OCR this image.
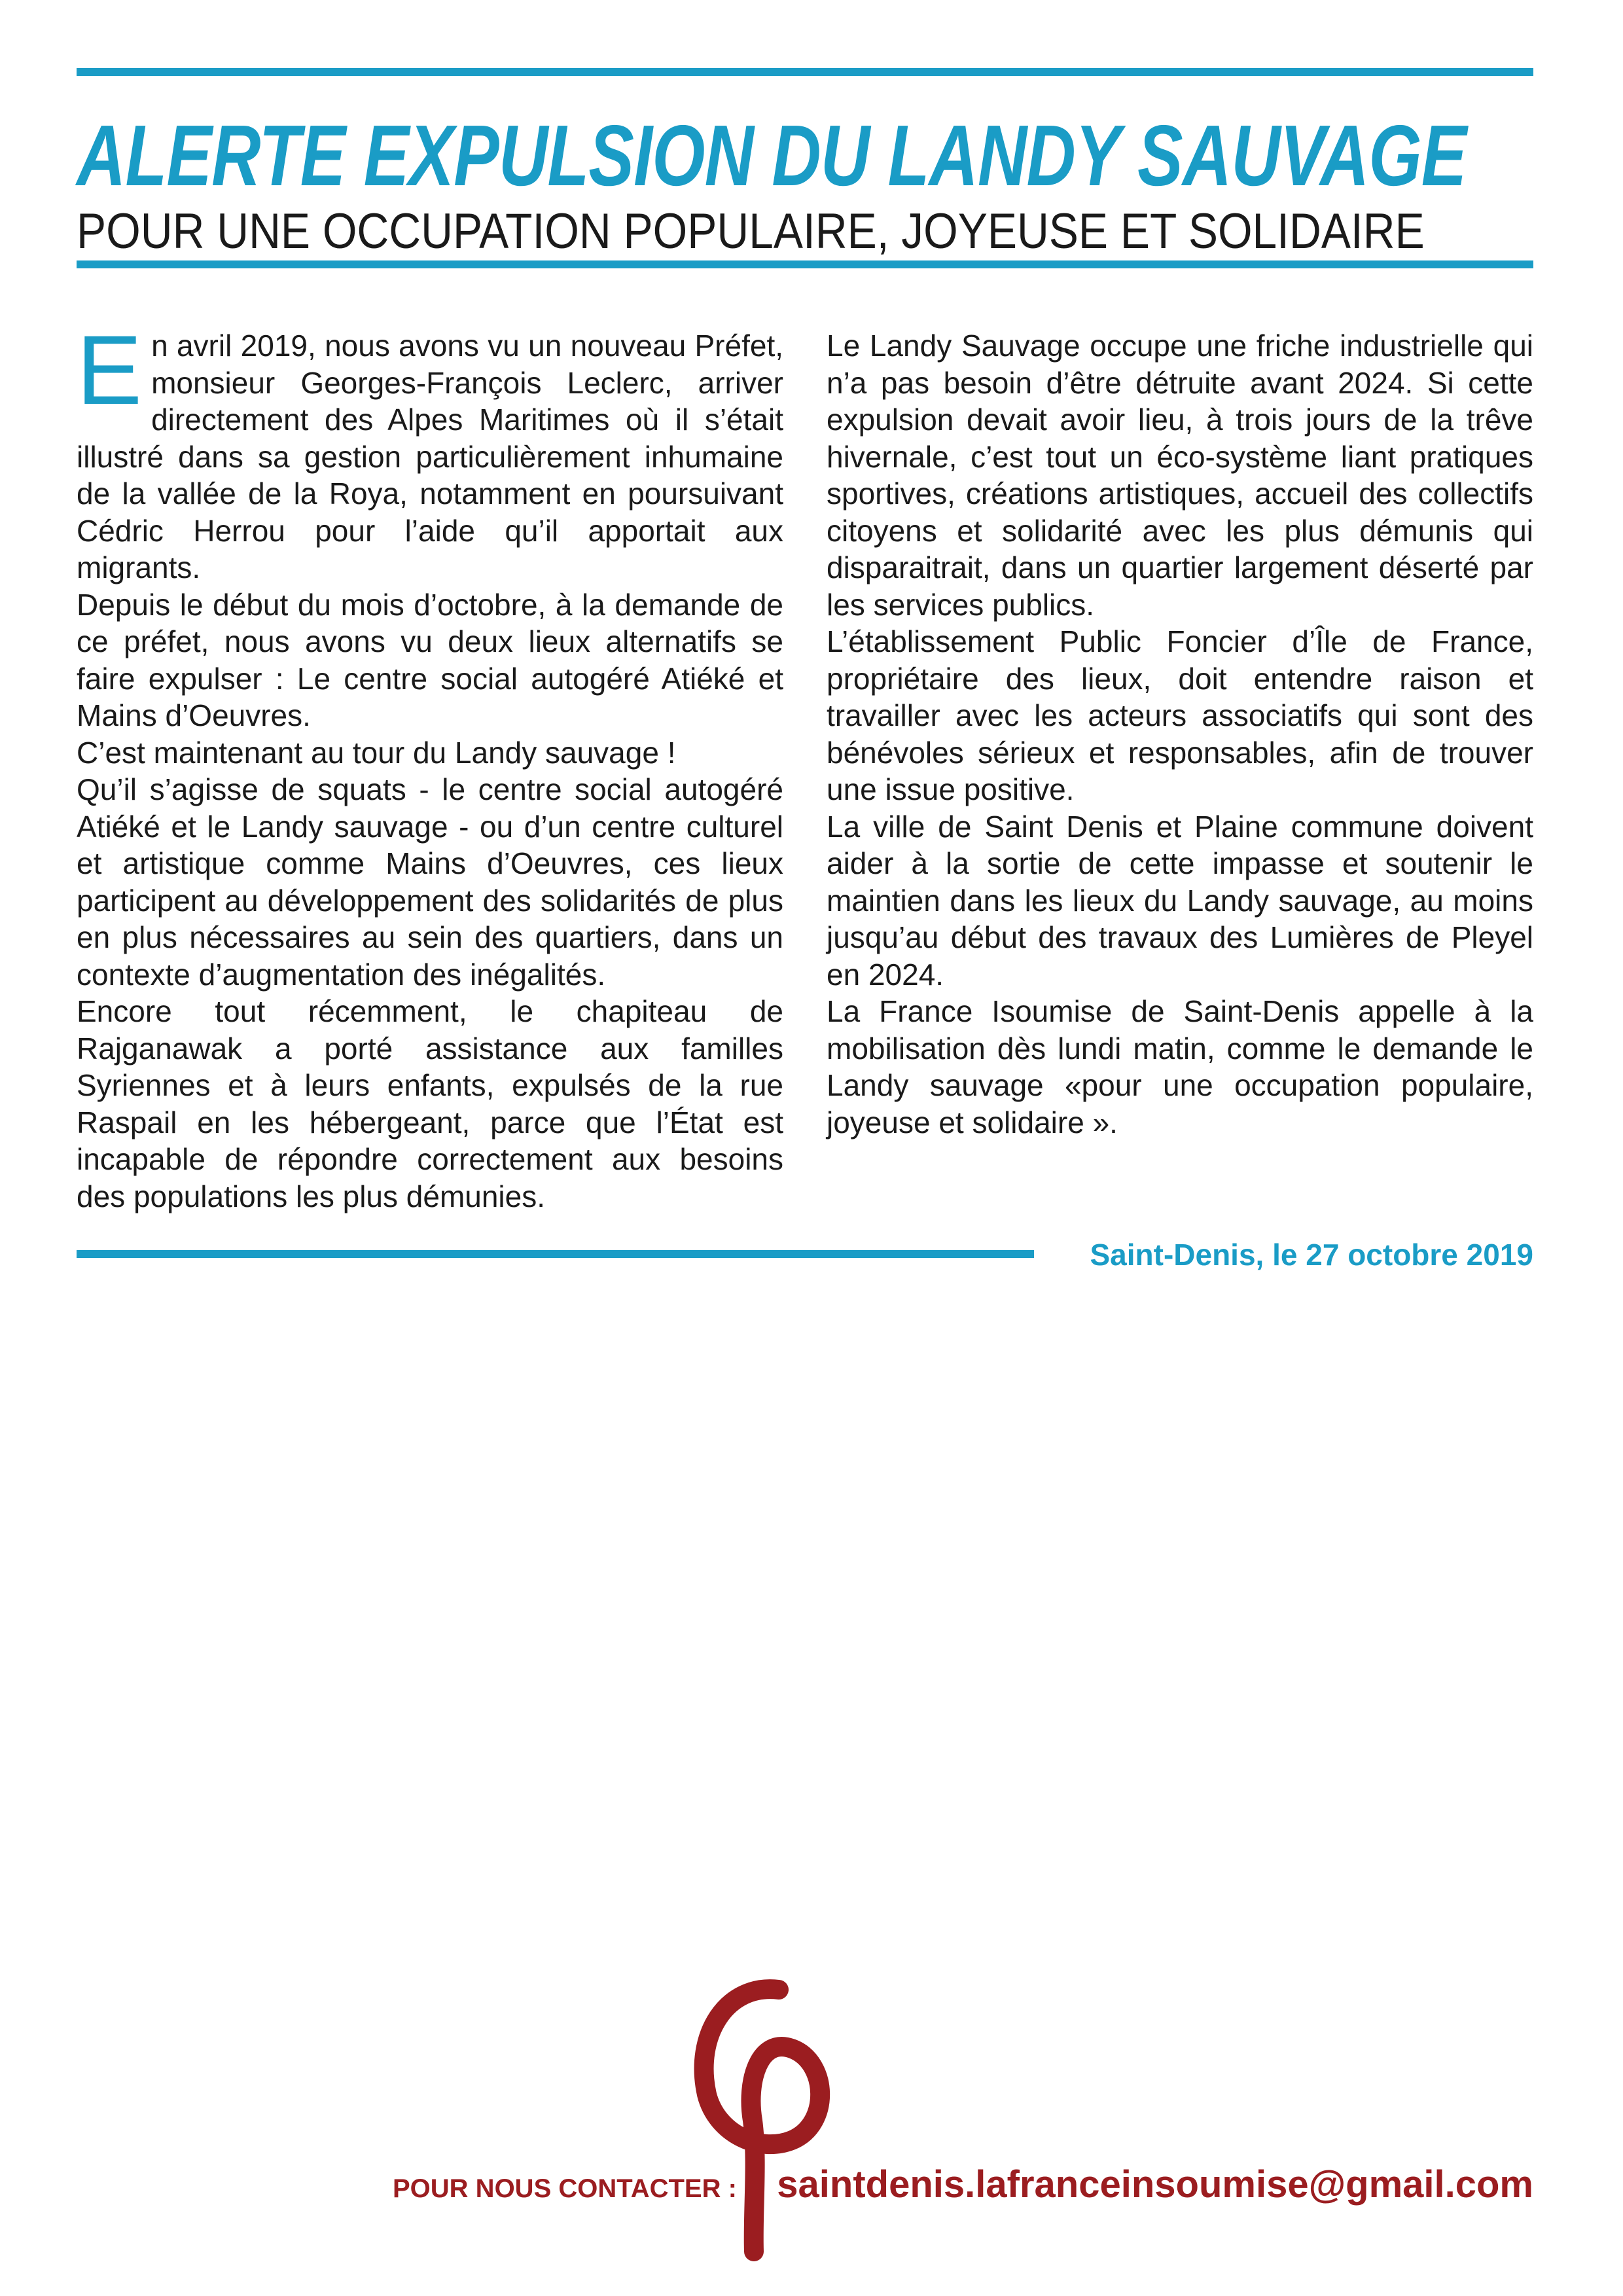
ALERTE EXPULSION DU LANDY SAUVAGE
POUR UNE OCCUPATION POPULAIRE, JOYEUSE ET SOLIDAIRE

En avril 2019, nous avons vu un nouveau Préfet, monsieur Georges-François Leclerc, arriver directement des Alpes Maritimes où il s’était illustré dans sa gestion particulièrement inhumaine de la vallée de la Roya, notamment en poursuivant Cédric Herrou pour l’aide qu’il apportait aux migrants.

Depuis le début du mois d’octobre, à la demande de ce préfet, nous avons vu deux lieux alternatifs se faire expulser : Le centre social autogéré Atiéké et Mains d’Oeuvres.

C’est maintenant au tour du Landy sauvage !

Qu’il s’agisse de squats - le centre social autogéré Atiéké et le Landy sauvage - ou d’un centre culturel et artistique comme Mains d’Oeuvres, ces lieux participent au développement des solidarités de plus en plus nécessaires au sein des quartiers, dans un contexte d’augmentation des inégalités.

Encore tout récemment, le chapiteau de Rajganawak a porté assistance aux familles Syriennes et à leurs enfants, expulsés de la rue Raspail en les hébergeant, parce que l’État est incapable de répondre correctement aux besoins des populations les plus démunies.

Le Landy Sauvage occupe une friche industrielle qui n’a pas besoin d’être détruite avant 2024. Si cette expulsion devait avoir lieu, à trois jours de la trêve hivernale, c’est tout un éco-système liant pratiques sportives, créations artistiques, accueil des collectifs citoyens et solidarité avec les plus démunis qui disparaitrait, dans un quartier largement déserté par les services publics.

L’établissement Public Foncier d’Île de France, propriétaire des lieux, doit entendre raison et travailler avec les acteurs associatifs qui sont des bénévoles sérieux et responsables, afin de trouver une issue positive.

La ville de Saint Denis et Plaine commune doivent aider à la sortie de cette impasse et soutenir le maintien dans les lieux du Landy sauvage, au moins jusqu’au début des travaux des Lumières de Pleyel en 2024.

La France Isoumise de Saint-Denis appelle à la mobilisation dès lundi matin, comme le demande le Landy sauvage «pour une occupation populaire, joyeuse et solidaire ».

Saint-Denis, le 27 octobre 2019
POUR NOUS CONTACTER : saintdenis.lafranceinsoumise@gmail.com
